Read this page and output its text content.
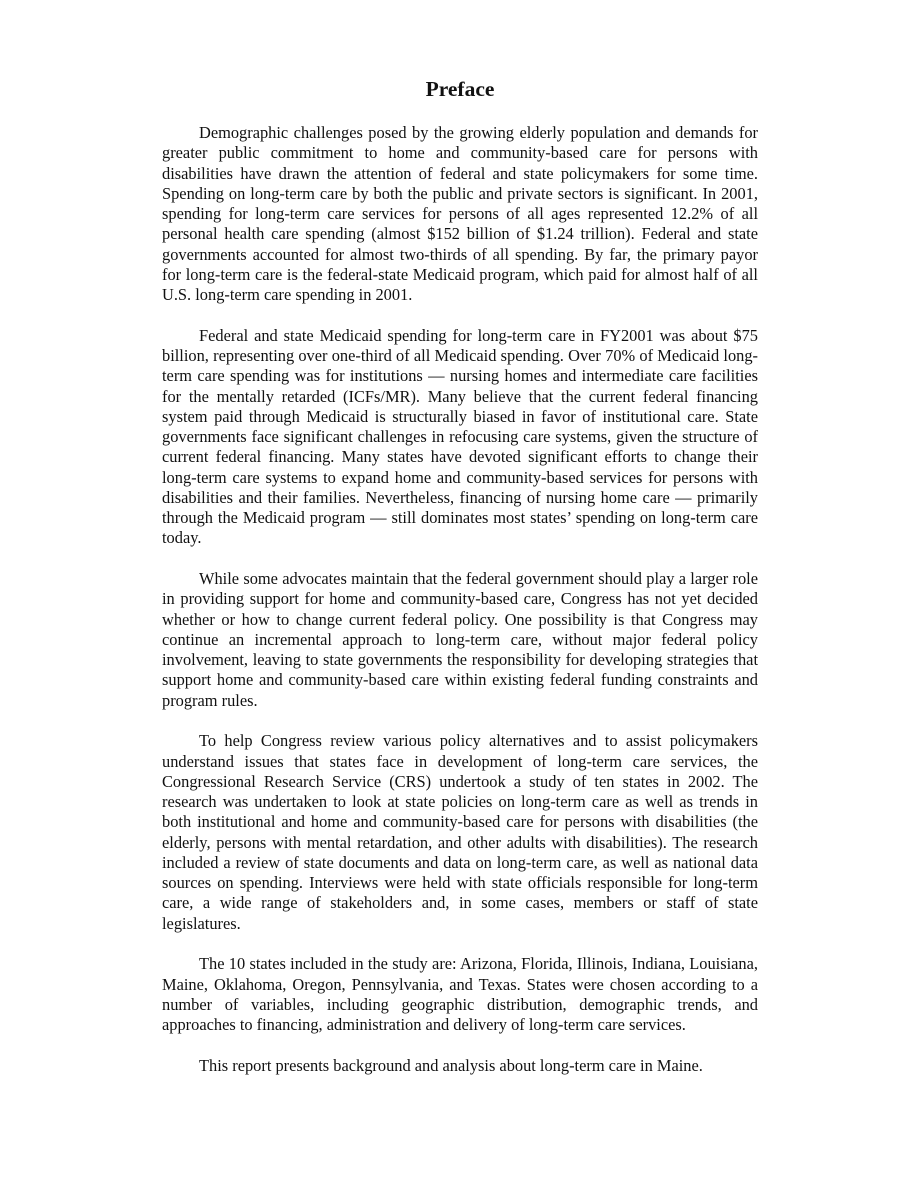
Preface

Demographic challenges posed by the growing elderly population and demands for greater public commitment to home and community-based care for persons with disabilities have drawn the attention of federal and state policymakers for some time. Spending on long-term care by both the public and private sectors is significant. In 2001, spending for long-term care services for persons of all ages represented 12.2% of all personal health care spending (almost $152 billion of $1.24 trillion). Federal and state governments accounted for almost two-thirds of all spending. By far, the primary payor for long-term care is the federal-state Medicaid program, which paid for almost half of all U.S. long-term care spending in 2001.

Federal and state Medicaid spending for long-term care in FY2001 was about $75 billion, representing over one-third of all Medicaid spending. Over 70% of Medicaid long-term care spending was for institutions — nursing homes and intermediate care facilities for the mentally retarded (ICFs/MR). Many believe that the current federal financing system paid through Medicaid is structurally biased in favor of institutional care. State governments face significant challenges in refocusing care systems, given the structure of current federal financing. Many states have devoted significant efforts to change their long-term care systems to expand home and community-based services for persons with disabilities and their families. Nevertheless, financing of nursing home care — primarily through the Medicaid program — still dominates most states’ spending on long-term care today.

While some advocates maintain that the federal government should play a larger role in providing support for home and community-based care, Congress has not yet decided whether or how to change current federal policy. One possibility is that Congress may continue an incremental approach to long-term care, without major federal policy involvement, leaving to state governments the responsibility for developing strategies that support home and community-based care within existing federal funding constraints and program rules.

To help Congress review various policy alternatives and to assist policymakers understand issues that states face in development of long-term care services, the Congressional Research Service (CRS) undertook a study of ten states in 2002. The research was undertaken to look at state policies on long-term care as well as trends in both institutional and home and community-based care for persons with disabilities (the elderly, persons with mental retardation, and other adults with disabilities). The research included a review of state documents and data on long-term care, as well as national data sources on spending. Interviews were held with state officials responsible for long-term care, a wide range of stakeholders and, in some cases, members or staff of state legislatures.

The 10 states included in the study are: Arizona, Florida, Illinois, Indiana, Louisiana, Maine, Oklahoma, Oregon, Pennsylvania, and Texas. States were chosen according to a number of variables, including geographic distribution, demographic trends, and approaches to financing, administration and delivery of long-term care services.

This report presents background and analysis about long-term care in Maine.
